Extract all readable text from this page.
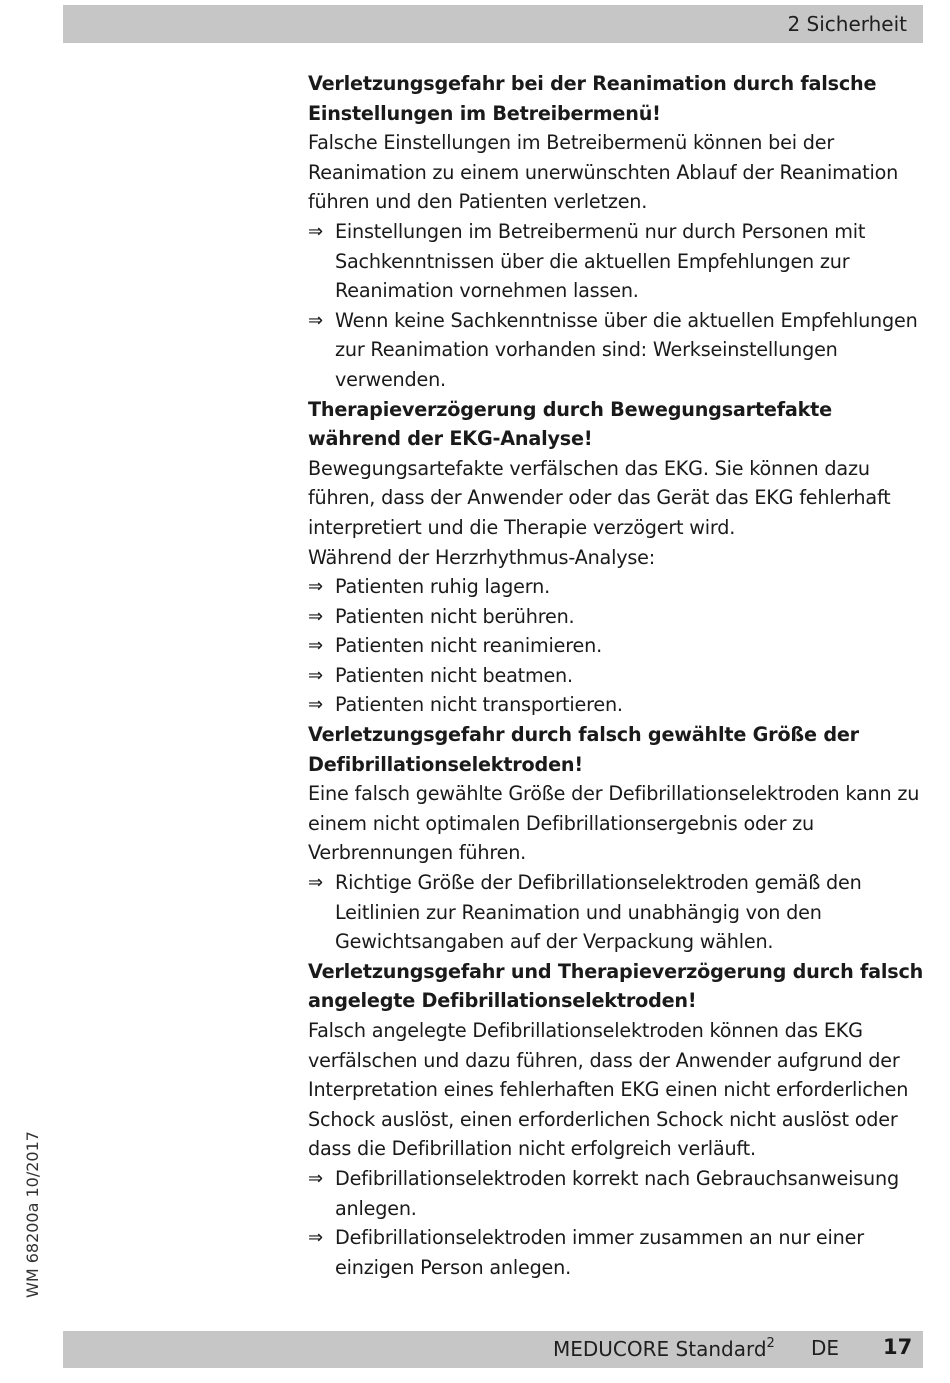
2 Sicherheit
Verletzungsgefahr bei der Reanimation durch falsche Einstellungen im Betreibermenü!
Falsche Einstellungen im Betreibermenü können bei der Reanimation zu einem unerwünschten Ablauf der Reanimation führen und den Patienten verletzen.
⇒ Einstellungen im Betreibermenü nur durch Personen mit Sachkenntnissen über die aktuellen Empfehlungen zur Reanimation vornehmen lassen.
⇒ Wenn keine Sachkenntnisse über die aktuellen Empfehlungen zur Reanimation vorhanden sind: Werkseinstellungen verwenden.
Therapieverzögerung durch Bewegungsartefakte während der EKG-Analyse!
Bewegungsartefakte verfälschen das EKG. Sie können dazu führen, dass der Anwender oder das Gerät das EKG fehlerhaft interpretiert und die Therapie verzögert wird.
Während der Herzrhythmus-Analyse:
⇒ Patienten ruhig lagern.
⇒ Patienten nicht berühren.
⇒ Patienten nicht reanimieren.
⇒ Patienten nicht beatmen.
⇒ Patienten nicht transportieren.
Verletzungsgefahr durch falsch gewählte Größe der Defibrillationselektroden!
Eine falsch gewählte Größe der Defibrillationselektroden kann zu einem nicht optimalen Defibrillationsergebnis oder zu Verbrennungen führen.
⇒ Richtige Größe der Defibrillationselektroden gemäß den Leitlinien zur Reanimation und unabhängig von den Gewichtsangaben auf der Verpackung wählen.
Verletzungsgefahr und Therapieverzögerung durch falsch angelegte Defibrillationselektroden!
Falsch angelegte Defibrillationselektroden können das EKG verfälschen und dazu führen, dass der Anwender aufgrund der Interpretation eines fehlerhaften EKG einen nicht erforderlichen Schock auslöst, einen erforderlichen Schock nicht auslöst oder dass die Defibrillation nicht erfolgreich verläuft.
⇒ Defibrillationselektroden korrekt nach Gebrauchsanweisung anlegen.
⇒ Defibrillationselektroden immer zusammen an nur einer einzigen Person anlegen.
WM 68200a 10/2017
MEDUCORE Standard$^2$ DE 17
